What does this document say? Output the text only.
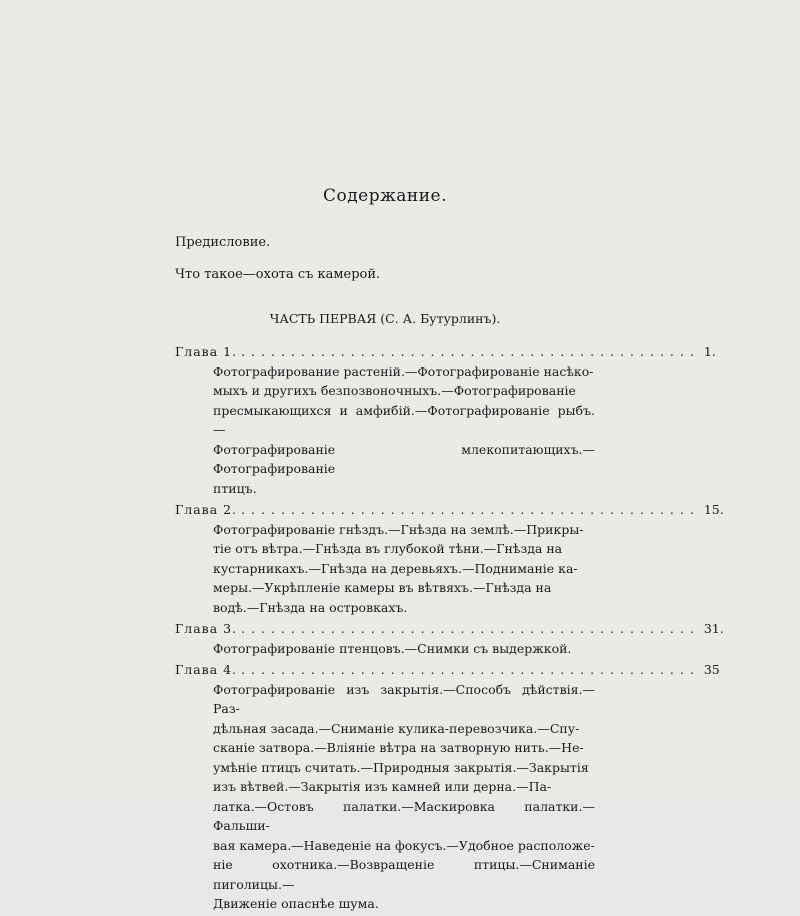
Содержание.
Предисловие.
Что такое—охота съ камерой.
ЧАСТЬ ПЕРВАЯ (С. А. Бутурлинъ).
Глава 1. .............................................. 1.

Фотографирование растеній.—Фотографированіе насѣко-

мыхъ и другихъ безпозвоночныхъ.—Фотографированіе

пресмыкающихся и амфибій.—Фотографированіе рыбъ.—

Фотографированіе млекопитающихъ.—Фотографированіе

птицъ.

Глава 2. .............................................. 15.

Фотографированіе гнѣздъ.—Гнѣзда на землѣ.—Прикры-

тіе отъ вѣтра.—Гнѣзда въ глубокой тѣни.—Гнѣзда на

кустарникахъ.—Гнѣзда на деревьяхъ.—Подниманіе ка-

меры.—Укрѣпленіе камеры въ вѣтвяхъ.—Гнѣзда на

водѣ.—Гнѣзда на островкахъ.

Глава 3. .............................................. 31.

Фотографированіе птенцовъ.—Снимки съ выдержкой.

Глава 4. .............................................. 35

Фотографированіе изъ закрытія.—Способъ дѣйствія.—Раз-

дѣльная засада.—Сниманіе кулика-перевозчика.—Спу-

сканіе затвора.—Вліяніе вѣтра на затворную нить.—Не-

умѣніе птицъ считать.—Природныя закрытія.—Закрытія

изъ вѣтвей.—Закрытія изъ камней или дерна.—Па-

латка.—Остовъ палатки.—Маскировка палатки.—Фальши-

вая камера.—Наведеніе на фокусъ.—Удобное расположе-

ніе охотника.—Возвращеніе птицы.—Сниманіе пиголицы.—

Движеніе опаснѣе шума.
